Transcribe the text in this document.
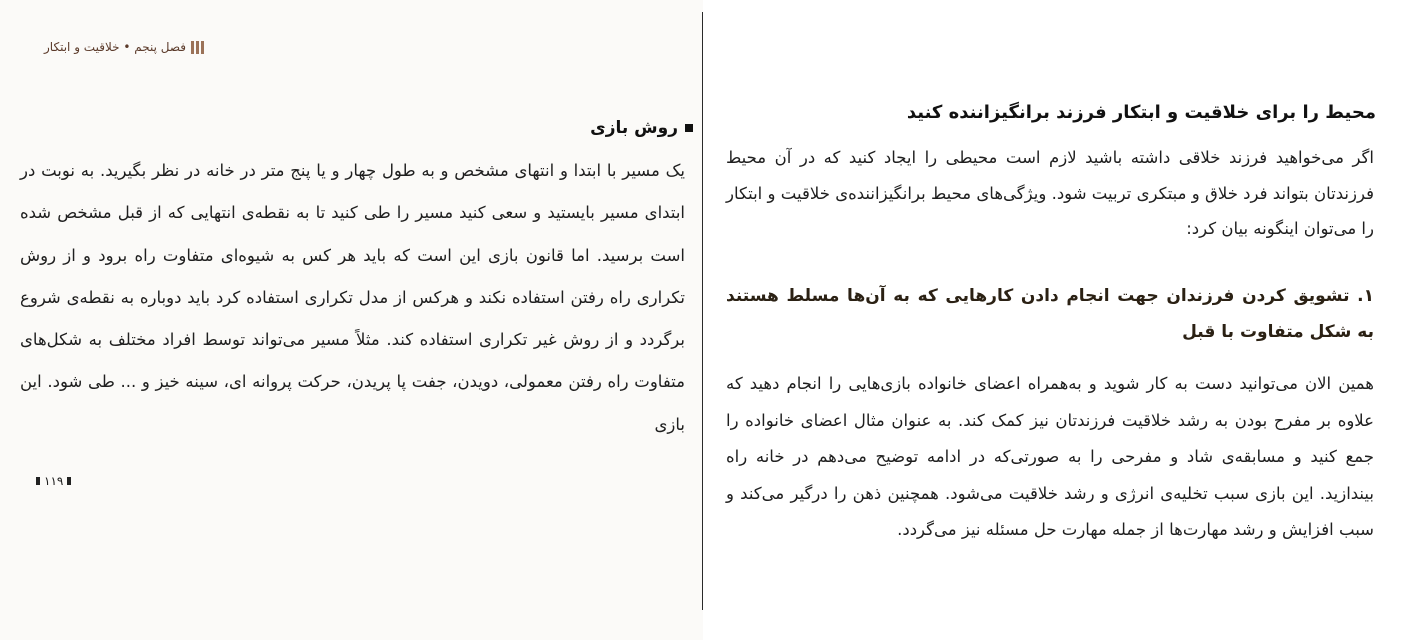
فصل پنجم • خلاقیت و ابتکار
روش بازی

یک مسیر با ابتدا و انتهای مشخص و به طول چهار و یا پنج متر در خانه در نظر بگیرید. به نوبت در ابتدای مسیر بایستید و سعی کنید مسیر را طی کنید تا به نقطه‌ی انتهایی که از قبل مشخص شده است برسید. اما قانون بازی این است که باید هر کس به شیوه‌ای متفاوت راه برود و از روش تکراری راه رفتن استفاده نکند و هرکس از مدل تکراری استفاده کرد باید دوباره به نقطه‌ی شروع برگردد و از روش غیر تکراری استفاده کند. مثلاً مسیر می‌تواند توسط افراد مختلف به شکل‌های متفاوت راه رفتن معمولی، دویدن، جفت پا پریدن، حرکت پروانه ای، سینه خیز و ... طی شود. این بازی

۱۱۹
محیط را برای خلاقیت و ابتکار فرزند برانگیزاننده کنید

اگر می‌خواهید فرزند خلاقی داشته باشید لازم است محیطی را ایجاد کنید که در آن محیط فرزندتان بتواند فرد خلاق و مبتکری تربیت شود. ویژگی‌های محیط برانگیزاننده‌ی خلاقیت و ابتکار را می‌توان اینگونه بیان کرد:

۱. تشویق کردن فرزندان جهت انجام دادن کارهایی که به آن‌ها مسلط هستند به شکل متفاوت با قبل

همین الان می‌توانید دست به کار شوید و به‌همراه اعضای خانواده بازی‌هایی را انجام دهید که علاوه بر مفرح بودن به رشد خلاقیت فرزندتان نیز کمک کند. به عنوان مثال اعضای خانواده را جمع کنید و مسابقه‌ی شاد و مفرحی را به صورتی‌که در ادامه توضیح می‌دهم در خانه راه بیندازید. این بازی سبب تخلیه‌ی انرژی و رشد خلاقیت می‌شود. همچنین ذهن را درگیر می‌کند و سبب افزایش و رشد مهارت‌ها از جمله مهارت حل مسئله نیز می‌گردد.
